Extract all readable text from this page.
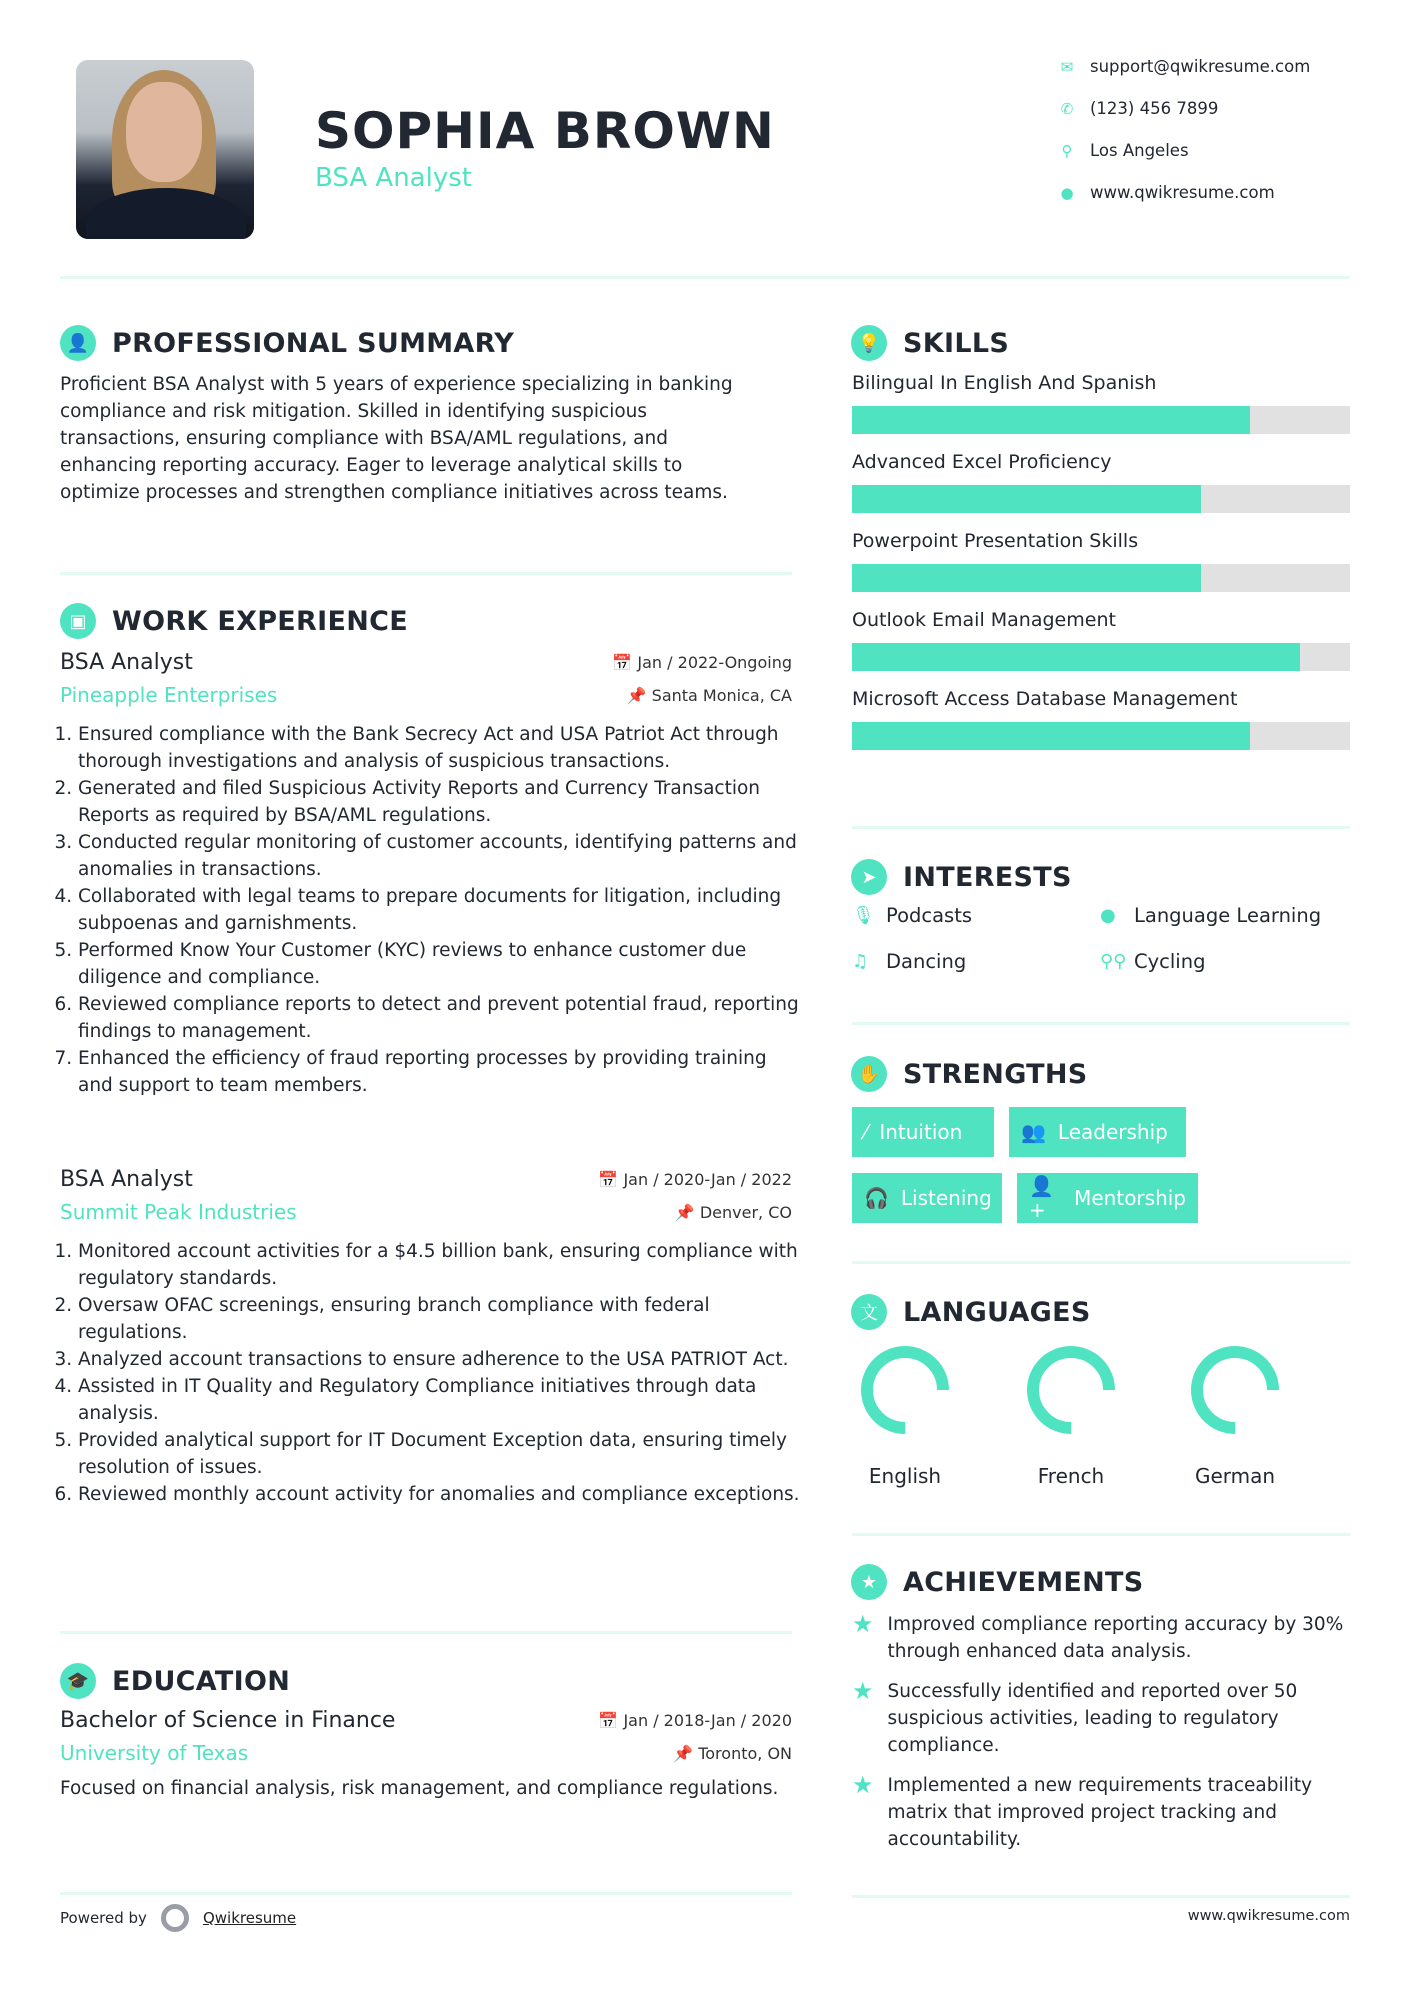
SOPHIA BROWN
BSA Analyst
✉ support@qwikresume.com
✆ (123) 456 7899
⚲ Los Angeles
● www.qwikresume.com
👤 PROFESSIONAL SUMMARY
Proficient BSA Analyst with 5 years of experience specializing in banking compliance and risk mitigation. Skilled in identifying suspicious transactions, ensuring compliance with BSA/AML regulations, and enhancing reporting accuracy. Eager to leverage analytical skills to optimize processes and strengthen compliance initiatives across teams.
▣ WORK EXPERIENCE
BSA Analyst	📅 Jan / 2022-Ongoing
Pineapple Enterprises	📌 Santa Monica, CA
1. Ensured compliance with the Bank Secrecy Act and USA Patriot Act through thorough investigations and analysis of suspicious transactions.
2. Generated and filed Suspicious Activity Reports and Currency Transaction Reports as required by BSA/AML regulations.
3. Conducted regular monitoring of customer accounts, identifying patterns and anomalies in transactions.
4. Collaborated with legal teams to prepare documents for litigation, including subpoenas and garnishments.
5. Performed Know Your Customer (KYC) reviews to enhance customer due diligence and compliance.
6. Reviewed compliance reports to detect and prevent potential fraud, reporting findings to management.
7. Enhanced the efficiency of fraud reporting processes by providing training and support to team members.
BSA Analyst	📅 Jan / 2020-Jan / 2022
Summit Peak Industries	📌 Denver, CO
1. Monitored account activities for a $4.5 billion bank, ensuring compliance with regulatory standards.
2. Oversaw OFAC screenings, ensuring branch compliance with federal regulations.
3. Analyzed account transactions to ensure adherence to the USA PATRIOT Act.
4. Assisted in IT Quality and Regulatory Compliance initiatives through data analysis.
5. Provided analytical support for IT Document Exception data, ensuring timely resolution of issues.
6. Reviewed monthly account activity for anomalies and compliance exceptions.
🎓 EDUCATION
Bachelor of Science in Finance	📅 Jan / 2018-Jan / 2020
University of Texas	📌 Toronto, ON
Focused on financial analysis, risk management, and compliance regulations.
Powered by	Qwikresume
💡 SKILLS
Bilingual In English And Spanish
Advanced Excel Proficiency
Powerpoint Presentation Skills
Outlook Email Management
Microsoft Access Database Management
➤ INTERESTS
🎙 Podcasts	● Language Learning
♫ Dancing	⚲⚲ Cycling
✋ STRENGTHS
⁄ Intuition	👥 Leadership
🎧 Listening 👤+	Mentorship
文 LANGUAGES
English	French	German
★ ACHIEVEMENTS
★ Improved compliance reporting accuracy by 30% through enhanced data analysis.
★ Successfully identified and reported over 50 suspicious activities, leading to regulatory compliance.
★ Implemented a new requirements traceability matrix that improved project tracking and accountability.
www.qwikresume.com
